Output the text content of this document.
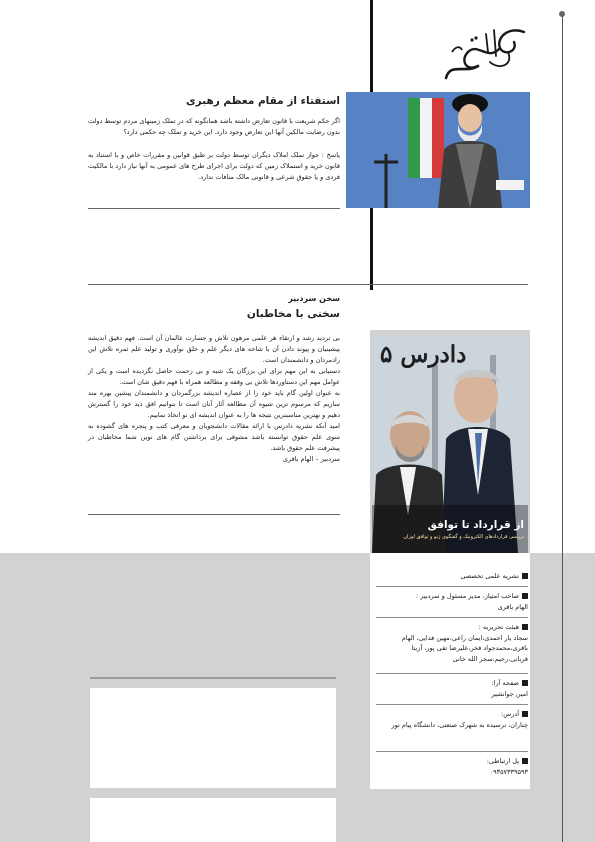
استفتاء از مقام معظم رهبری
اگر حکم شریعت با قانون تعارض داشته باشد همانگونه که در تملک زمینهای مردم توسط دولت بدون رضایت مالکین آنها این تعارض وجود دارد. این خرید و تملک چه حکمی دارد؟
پاسخ : جواز تملک املاک دیگران توسط دولت بر طبق قوانین و مقررات خاص و با استناد به قانون خرید و استملاک زمین که دولت برای اجرای طرح های عمومی به آنها نیاز دارد با مالکیت فردی و یا حقوق شرعی و قانونی مالک منافات ندارد.
سخن سردبیر
سخنی با مخاطبان

بی تردید رشد و ارتقاء هر علمی مرهون تلاش و جسارت عالمان آن است. فهم دقیق اندیشه پیشینیان و پیوند دادن آن با شاخه های دیگر علم و خلق نوآوری و تولید علم ثمره تلاش این رادمردان و دانشمندان است.

دستیابی به این مهم برای این بزرگان یک شبه و بی زحمت حاصل نگردیده است و یکی از عوامل مهم این دستاوردها تلاش بی وقفه و مطالعه همراه با فهم دقیق شان است.

به عنوان اولین گام باید خود را از عصاره اندیشه بزرگمردان و دانشمندان پیشین بهره مند سازیم که مرسوم ترین شیوه آن مطالعه آثار آنان است تا بتوانیم افق دید خود را گسترش دهیم و بهترین مناسبترین نتیجه ها را به عنوان اندیشه ای نو اتخاذ نماییم.

امید آنکه نشریه دادرس با ارائه مقالات دانشجویان و معرفی کتب و پنجره های گشوده به سوی علم حقوق توانسته باشد مشوقی برای برداشتن گام های نوین شما مخاطبان در پیشرفت علم حقوق باشد.

سردبیر – الهام باقری

دادرس ۵
از قرارداد تا توافق
بررسی قراردادهای الکترونیک و گفتگوی ژنو و توافق لوزان
نشریه علمی تخصصی
صاحب امتیاز، مدیر مسئول و سردبیر :
الهام باقری
هیئت تحریریه :
سجاد یار احمدی،ایمان راعی،مهین فدایی، الهام باقری،محمدجواد فخر،علیرضا تقی پور، آزیتا قربانی،رحیم،سحر الله خانی
صفحه آرا:
امین جوانشیر
آدرس:
چناران، نرسیده به شهرک صنعتی، دانشگاه پیام نور
پل ارتباطی:
۰۹۳۵۷۳۳۹۵۹۳
